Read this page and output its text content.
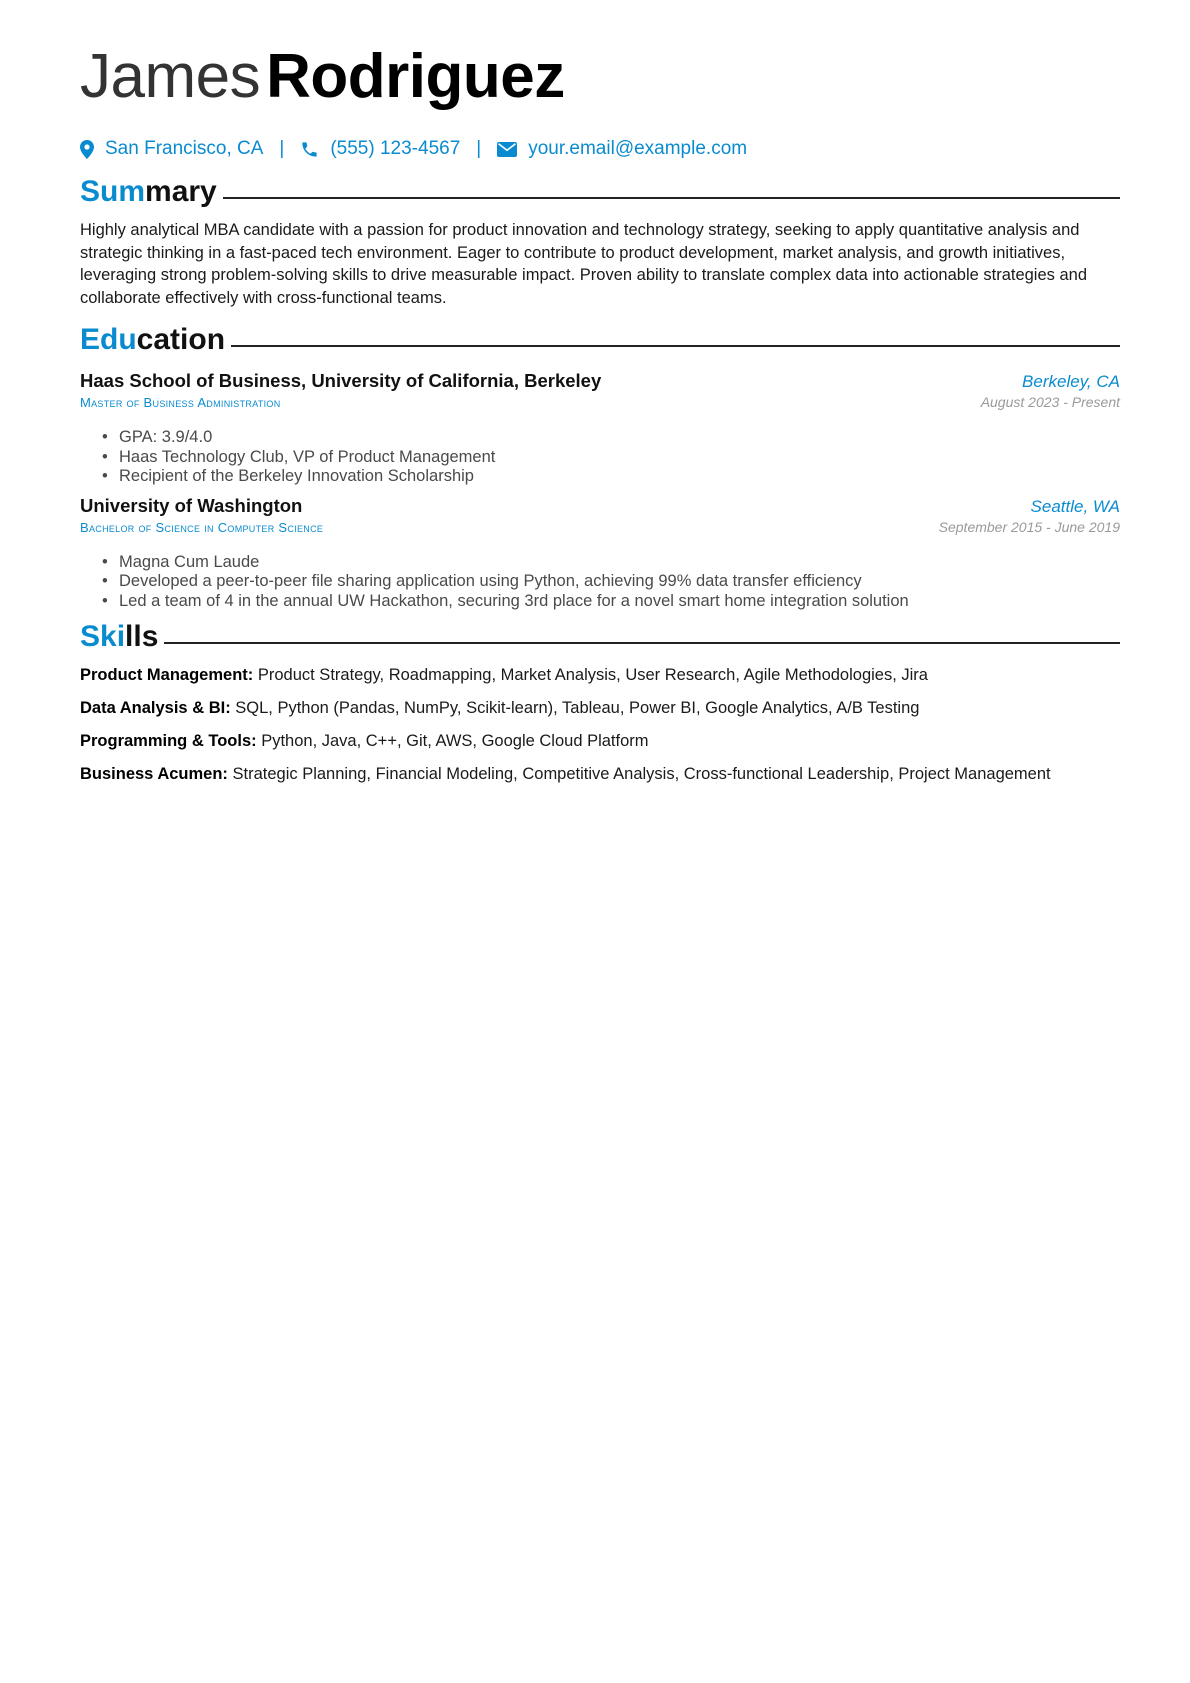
JamesRodriguez
San Francisco, CA | (555) 123-4567 | your.email@example.com
Summary

Highly analytical MBA candidate with a passion for product innovation and technology strategy, seeking to apply quantitative analysis and strategic thinking in a fast-paced tech environment. Eager to contribute to product development, market analysis, and growth initiatives, leveraging strong problem-solving skills to drive measurable impact. Proven ability to translate complex data into actionable strategies and collaborate effectively with cross-functional teams.

Education
Haas School of Business, University of California, Berkeley	Berkeley, CA
Master of Business Administration	August 2023 - Present
• GPA: 3.9/4.0
• Haas Technology Club, VP of Product Management
• Recipient of the Berkeley Innovation Scholarship
University of Washington	Seattle, WA
Bachelor of Science in Computer Science	September 2015 - June 2019
• Magna Cum Laude
• Developed a peer-to-peer file sharing application using Python, achieving 99% data transfer efficiency
• Led a team of 4 in the annual UW Hackathon, securing 3rd place for a novel smart home integration solution
Skills
Product Management: Product Strategy, Roadmapping, Market Analysis, User Research, Agile Methodologies, Jira
Data Analysis & BI: SQL, Python (Pandas, NumPy, Scikit-learn), Tableau, Power BI, Google Analytics, A/B Testing
Programming & Tools: Python, Java, C++, Git, AWS, Google Cloud Platform
Business Acumen: Strategic Planning, Financial Modeling, Competitive Analysis, Cross-functional Leadership, Project Management
